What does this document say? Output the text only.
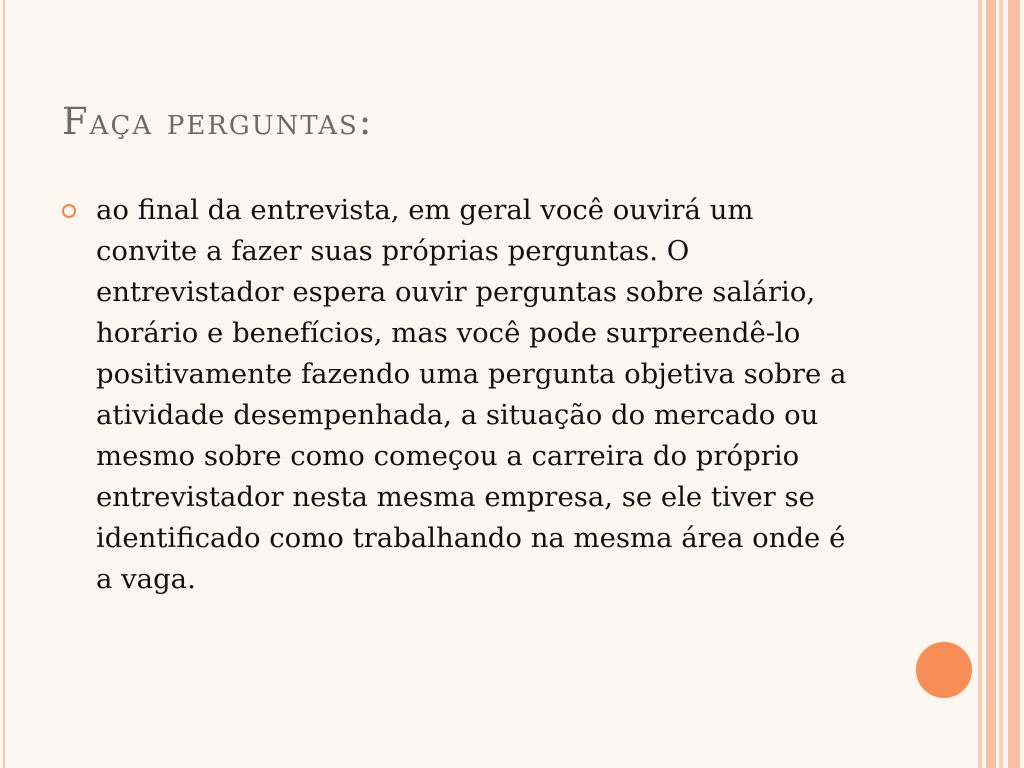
Faça perguntas:

ao final da entrevista, em geral você ouvirá um convite a fazer suas próprias perguntas. O entrevistador espera ouvir perguntas sobre salário, horário e benefícios, mas você pode surpreendê-lo positivamente fazendo uma pergunta objetiva sobre a atividade desempenhada, a situação do mercado ou mesmo sobre como começou a carreira do próprio entrevistador nesta mesma empresa, se ele tiver se identificado como trabalhando na mesma área onde é a vaga.
